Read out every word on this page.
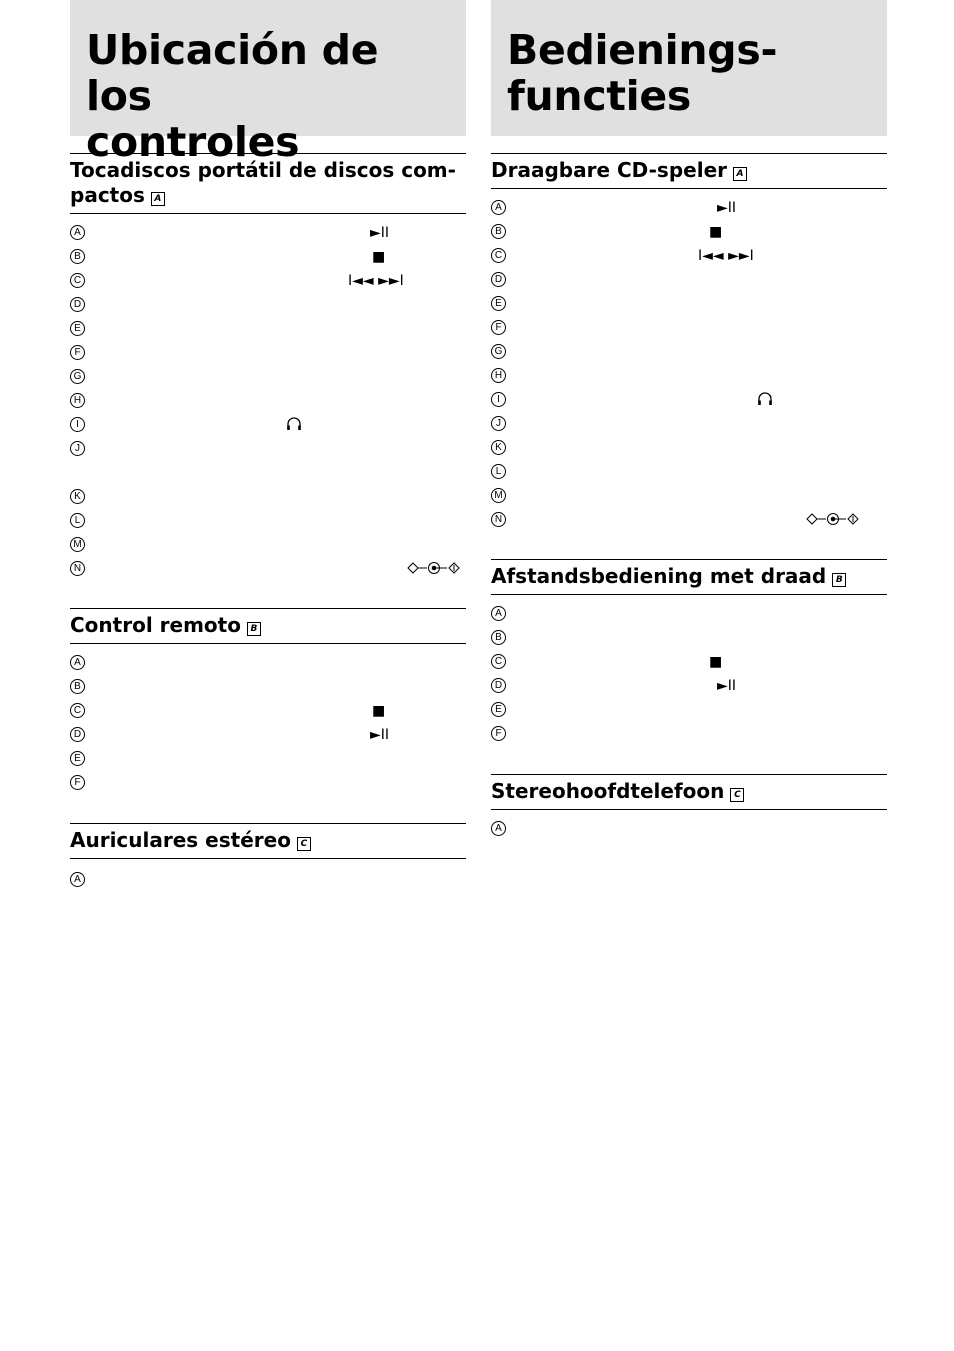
Ubicación de los
controles
Tocadiscos portátil de discos com-
pactos A
A	►II
B	■
C	I◄◄ ►►I
D
E
F
G
H
I
J
K
L
M
N
Control remoto B
A
B
C	■
D	►II
E
F
Auriculares estéreo C
A
Bedienings-
functies
Draagbare CD-speler A
A	►II
B	■
C	I◄◄ ►►I
D
E
F
G
H
I
J
K
L
M
N
Afstandsbediening met draad B
A
B
C	■
D	►II
E
F
Stereohoofdtelefoon C
A
